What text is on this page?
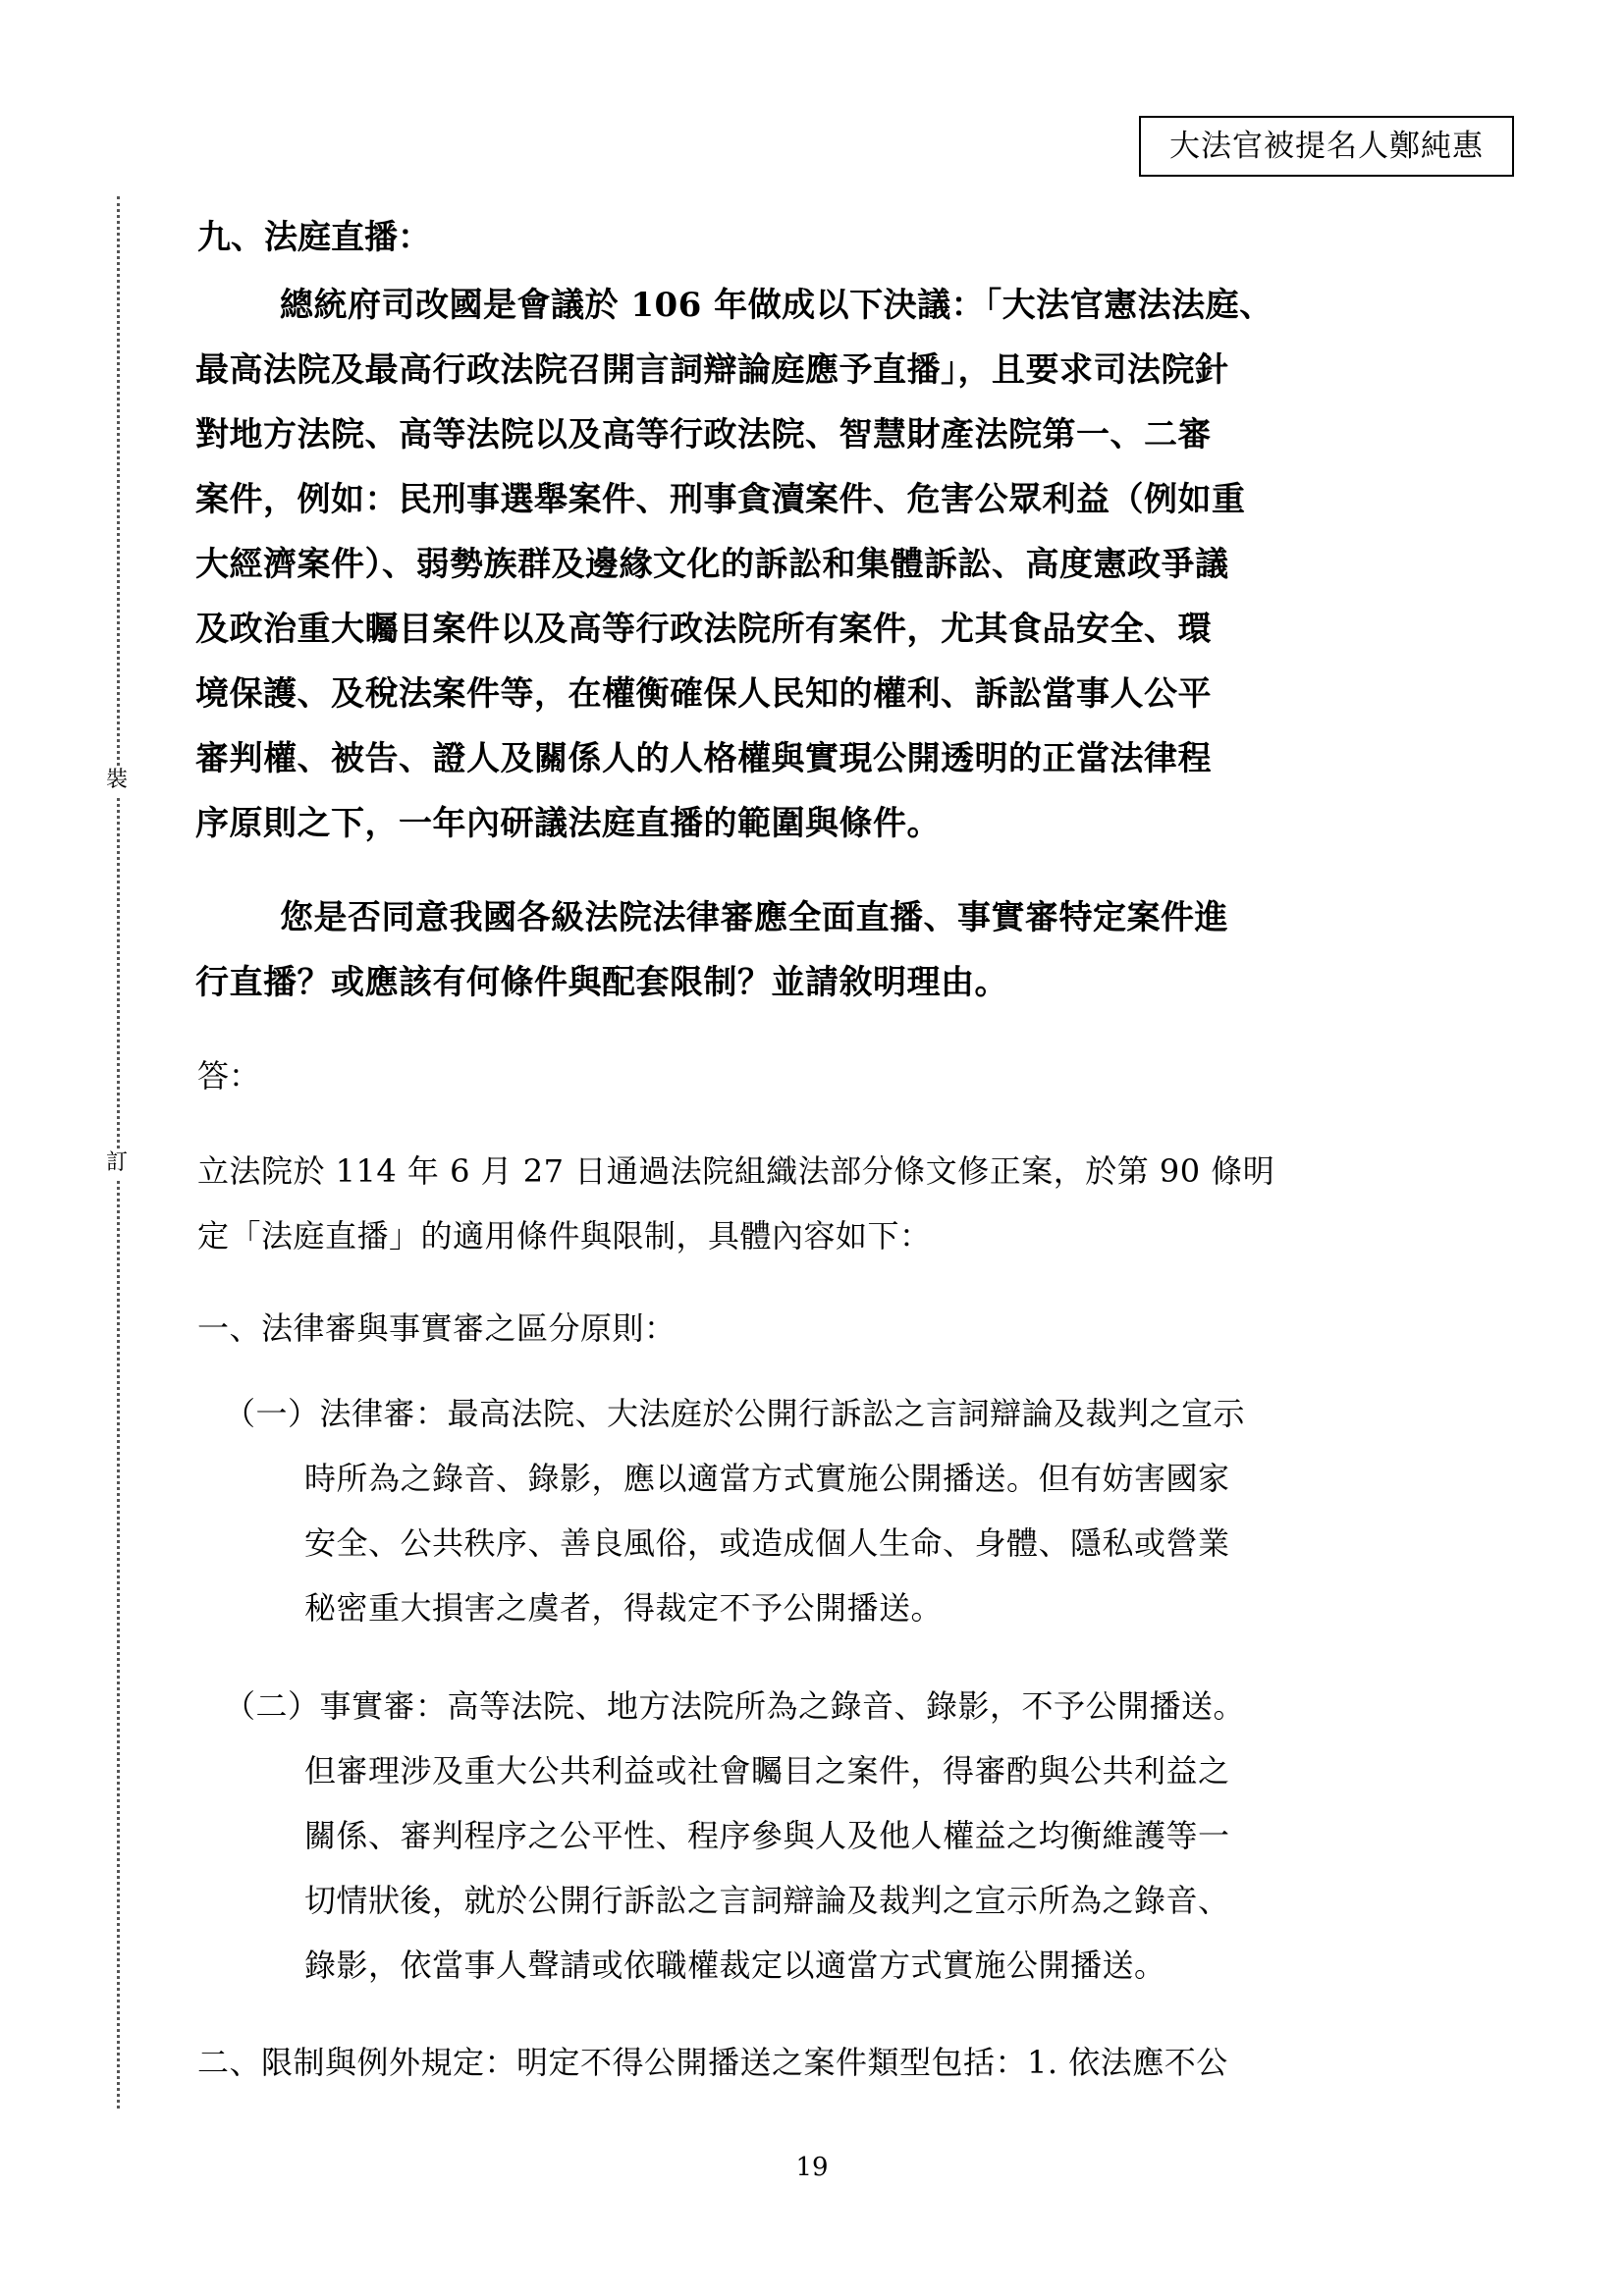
大法官被提名人鄭純惠
裝
訂
九、法庭直播：
總統府司改國是會議於 106 年做成以下決議：「大法官憲法法庭、
最高法院及最高行政法院召開言詞辯論庭應予直播」，且要求司法院針
對地方法院、高等法院以及高等行政法院、智慧財產法院第一、二審
案件，例如：民刑事選舉案件、刑事貪瀆案件、危害公眾利益（例如重
大經濟案件）、弱勢族群及邊緣文化的訴訟和集體訴訟、高度憲政爭議
及政治重大矚目案件以及高等行政法院所有案件，尤其食品安全、環
境保護、及稅法案件等，在權衡確保人民知的權利、訴訟當事人公平
審判權、被告、證人及關係人的人格權與實現公開透明的正當法律程
序原則之下，一年內研議法庭直播的範圍與條件。
您是否同意我國各級法院法律審應全面直播、事實審特定案件進
行直播？或應該有何條件與配套限制？並請敘明理由。
答：
立法院於 114 年 6 月 27 日通過法院組織法部分條文修正案，於第 90 條明
定「法庭直播」的適用條件與限制，具體內容如下：
一、法律審與事實審之區分原則：
（一）法律審：最高法院、大法庭於公開行訴訟之言詞辯論及裁判之宣示
時所為之錄音、錄影，應以適當方式實施公開播送。但有妨害國家
安全、公共秩序、善良風俗，或造成個人生命、身體、隱私或營業
秘密重大損害之虞者，得裁定不予公開播送。
（二）事實審：高等法院、地方法院所為之錄音、錄影，不予公開播送。
但審理涉及重大公共利益或社會矚目之案件，得審酌與公共利益之
關係、審判程序之公平性、程序參與人及他人權益之均衡維護等一
切情狀後，就於公開行訴訟之言詞辯論及裁判之宣示所為之錄音、
錄影，依當事人聲請或依職權裁定以適當方式實施公開播送。
二、限制與例外規定：明定不得公開播送之案件類型包括：1. 依法應不公
19
